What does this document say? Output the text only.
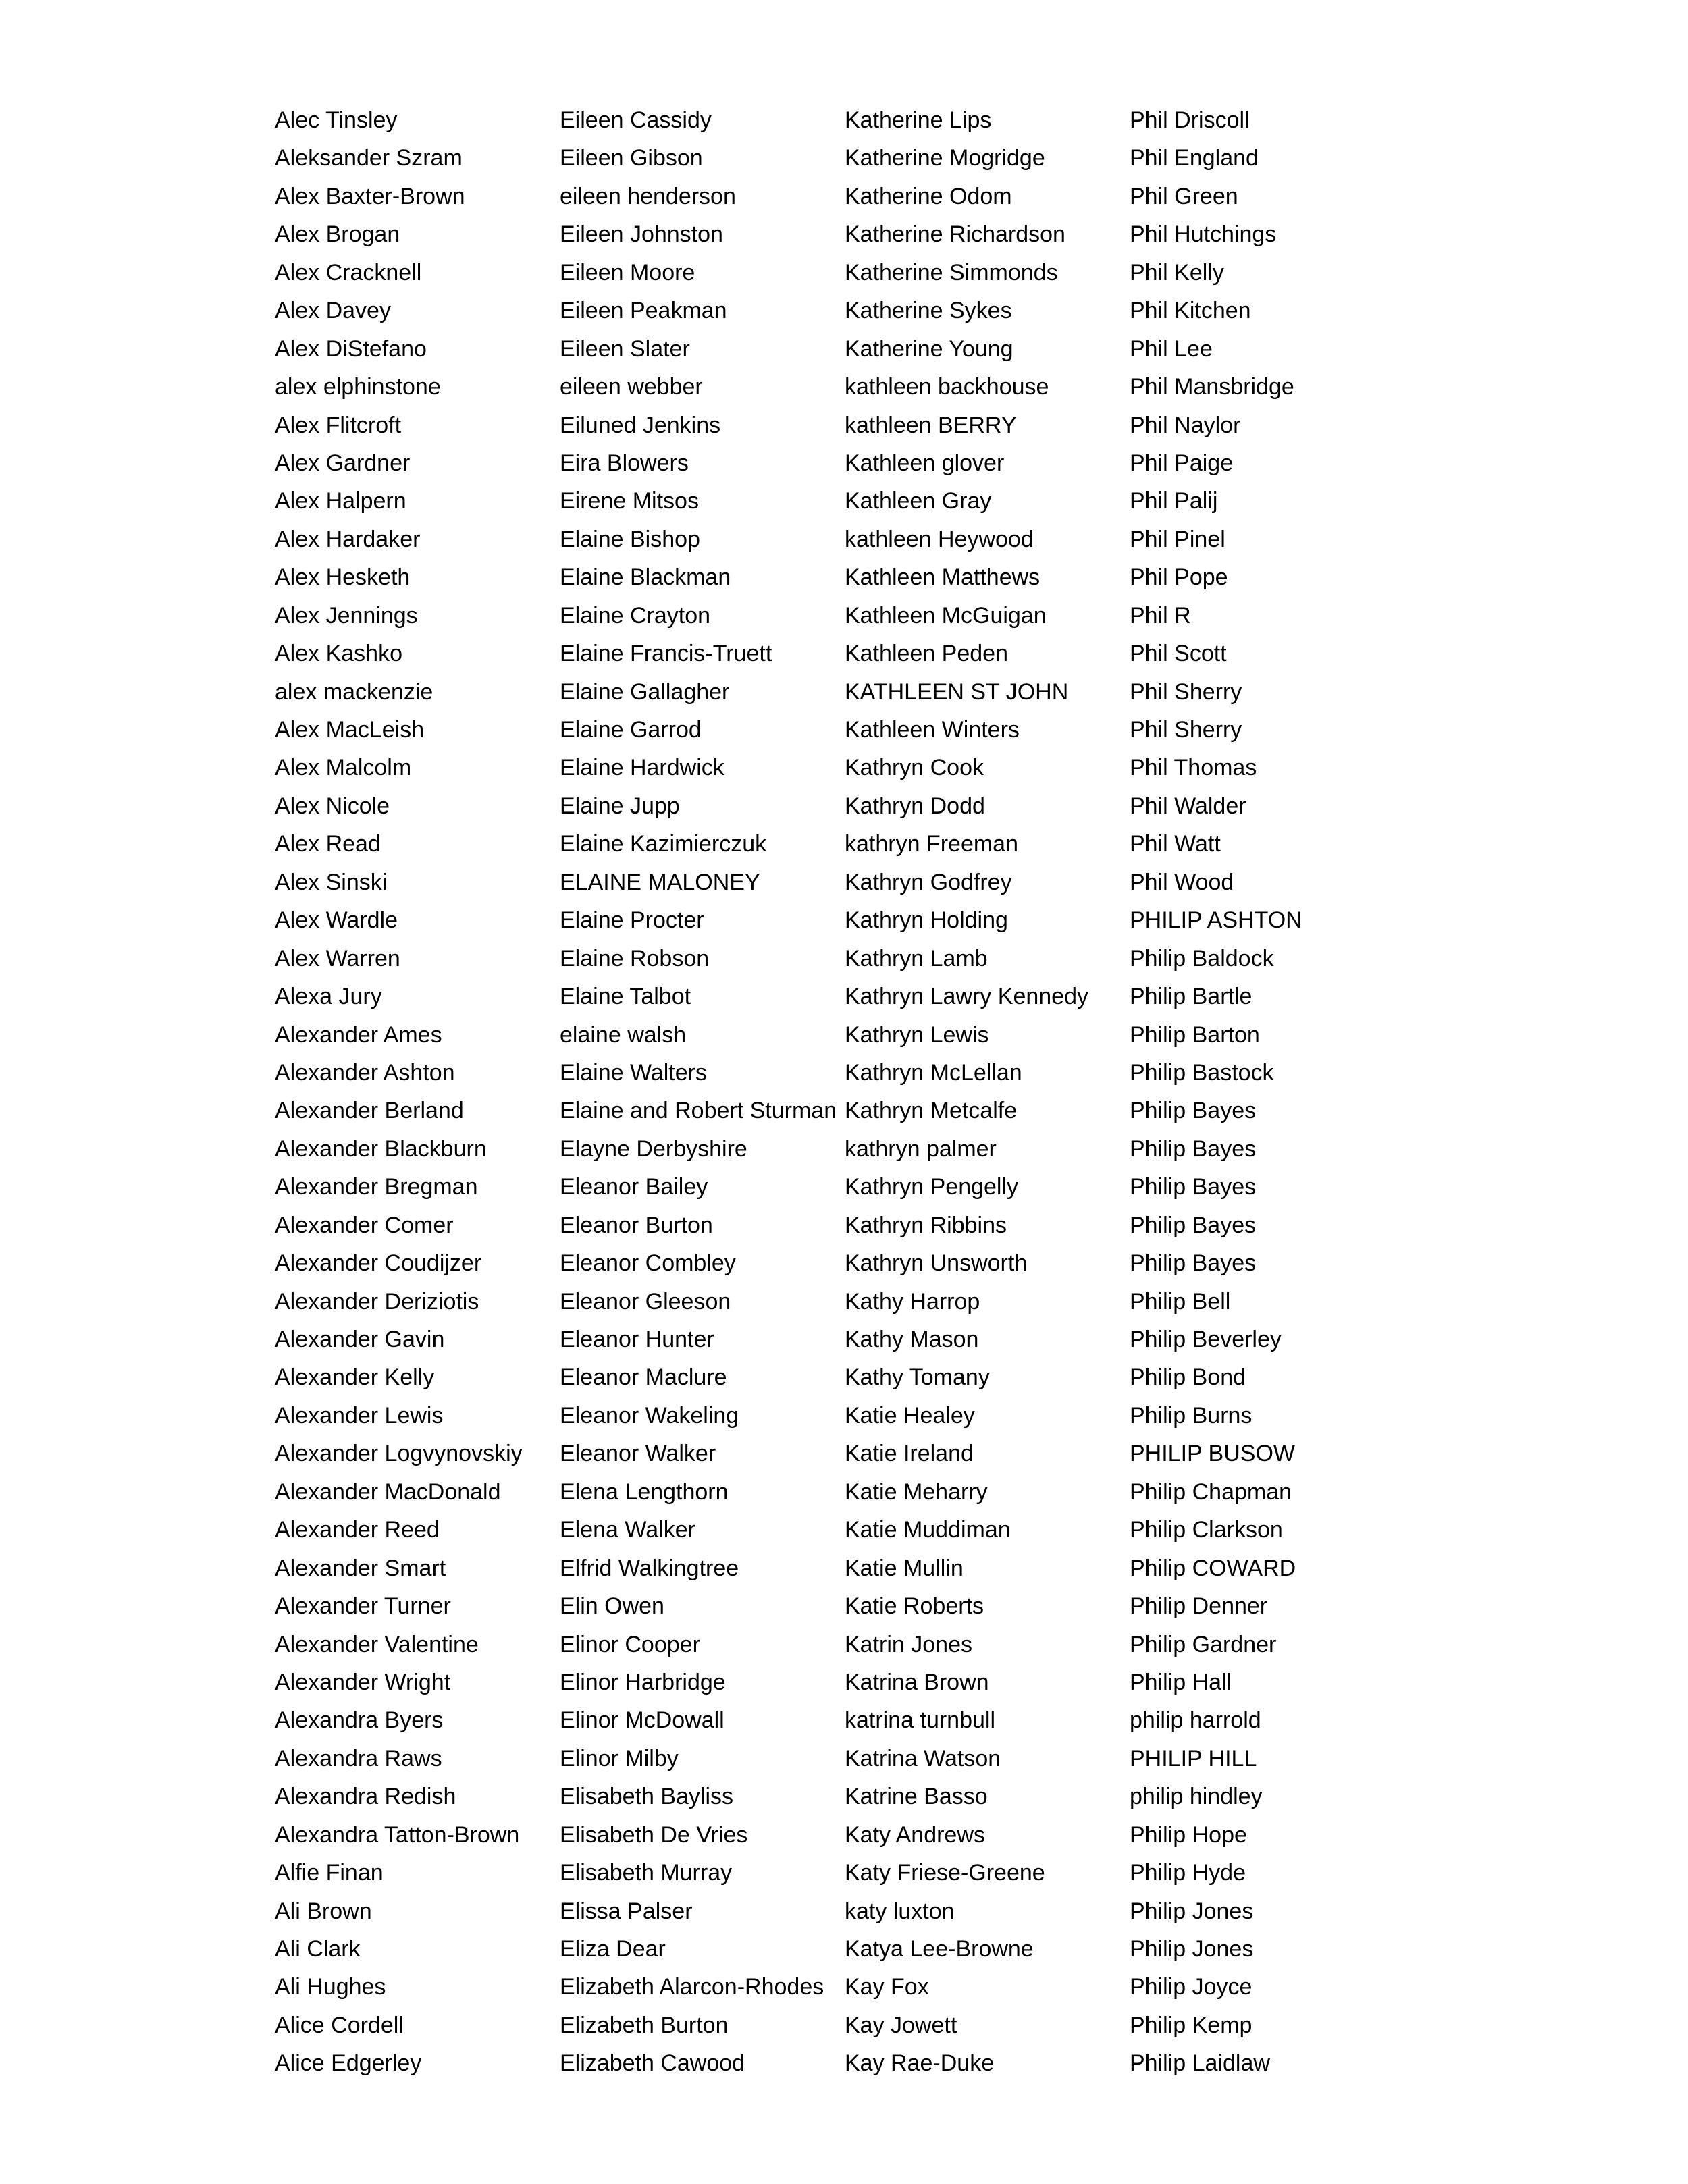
Alec Tinsley
Aleksander Szram
Alex Baxter-Brown
Alex Brogan
Alex Cracknell
Alex Davey
Alex DiStefano
alex elphinstone
Alex Flitcroft
Alex Gardner
Alex Halpern
Alex Hardaker
Alex Hesketh
Alex Jennings
Alex Kashko
alex mackenzie
Alex MacLeish
Alex Malcolm
Alex Nicole
Alex Read
Alex Sinski
Alex Wardle
Alex Warren
Alexa Jury
Alexander Ames
Alexander Ashton
Alexander Berland
Alexander Blackburn
Alexander Bregman
Alexander Comer
Alexander Coudijzer
Alexander Deriziotis
Alexander Gavin
Alexander Kelly
Alexander Lewis
Alexander Logvynovskiy
Alexander MacDonald
Alexander Reed
Alexander Smart
Alexander Turner
Alexander Valentine
Alexander Wright
Alexandra Byers
Alexandra Raws
Alexandra Redish
Alexandra Tatton-Brown
Alfie Finan
Ali Brown
Ali Clark
Ali Hughes
Alice Cordell
Alice Edgerley
Eileen Cassidy
Eileen Gibson
eileen henderson
Eileen Johnston
Eileen Moore
Eileen Peakman
Eileen Slater
eileen webber
Eiluned Jenkins
Eira Blowers
Eirene Mitsos
Elaine Bishop
Elaine Blackman
Elaine Crayton
Elaine Francis-Truett
Elaine Gallagher
Elaine Garrod
Elaine Hardwick
Elaine Jupp
Elaine Kazimierczuk
ELAINE MALONEY
Elaine Procter
Elaine Robson
Elaine Talbot
elaine walsh
Elaine Walters
Elaine and Robert Sturman
Elayne Derbyshire
Eleanor Bailey
Eleanor Burton
Eleanor Combley
Eleanor Gleeson
Eleanor Hunter
Eleanor Maclure
Eleanor Wakeling
Eleanor Walker
Elena Lengthorn
Elena Walker
Elfrid Walkingtree
Elin Owen
Elinor Cooper
Elinor Harbridge
Elinor McDowall
Elinor Milby
Elisabeth Bayliss
Elisabeth De Vries
Elisabeth Murray
Elissa Palser
Eliza Dear
Elizabeth Alarcon-Rhodes
Elizabeth Burton
Elizabeth Cawood
Katherine Lips
Katherine Mogridge
Katherine Odom
Katherine Richardson
Katherine Simmonds
Katherine Sykes
Katherine Young
kathleen backhouse
kathleen BERRY
Kathleen glover
Kathleen Gray
kathleen Heywood
Kathleen Matthews
Kathleen McGuigan
Kathleen Peden
KATHLEEN ST JOHN
Kathleen Winters
Kathryn Cook
Kathryn Dodd
kathryn Freeman
Kathryn Godfrey
Kathryn Holding
Kathryn Lamb
Kathryn Lawry Kennedy
Kathryn Lewis
Kathryn McLellan
Kathryn Metcalfe
kathryn palmer
Kathryn Pengelly
Kathryn Ribbins
Kathryn Unsworth
Kathy Harrop
Kathy Mason
Kathy Tomany
Katie Healey
Katie Ireland
Katie Meharry
Katie Muddiman
Katie Mullin
Katie Roberts
Katrin Jones
Katrina Brown
katrina turnbull
Katrina Watson
Katrine Basso
Katy Andrews
Katy Friese-Greene
katy luxton
Katya Lee-Browne
Kay Fox
Kay Jowett
Kay Rae-Duke
Phil Driscoll
Phil England
Phil Green
Phil Hutchings
Phil Kelly
Phil Kitchen
Phil Lee
Phil Mansbridge
Phil Naylor
Phil Paige
Phil Palij
Phil Pinel
Phil Pope
Phil R
Phil Scott
Phil Sherry
Phil Sherry
Phil Thomas
Phil Walder
Phil Watt
Phil Wood
PHILIP ASHTON
Philip Baldock
Philip Bartle
Philip Barton
Philip Bastock
Philip Bayes
Philip Bayes
Philip Bayes
Philip Bayes
Philip Bayes
Philip Bell
Philip Beverley
Philip Bond
Philip Burns
PHILIP BUSOW
Philip Chapman
Philip Clarkson
Philip COWARD
Philip Denner
Philip Gardner
Philip Hall
philip harrold
PHILIP HILL
philip hindley
Philip Hope
Philip Hyde
Philip Jones
Philip Jones
Philip Joyce
Philip Kemp
Philip Laidlaw
